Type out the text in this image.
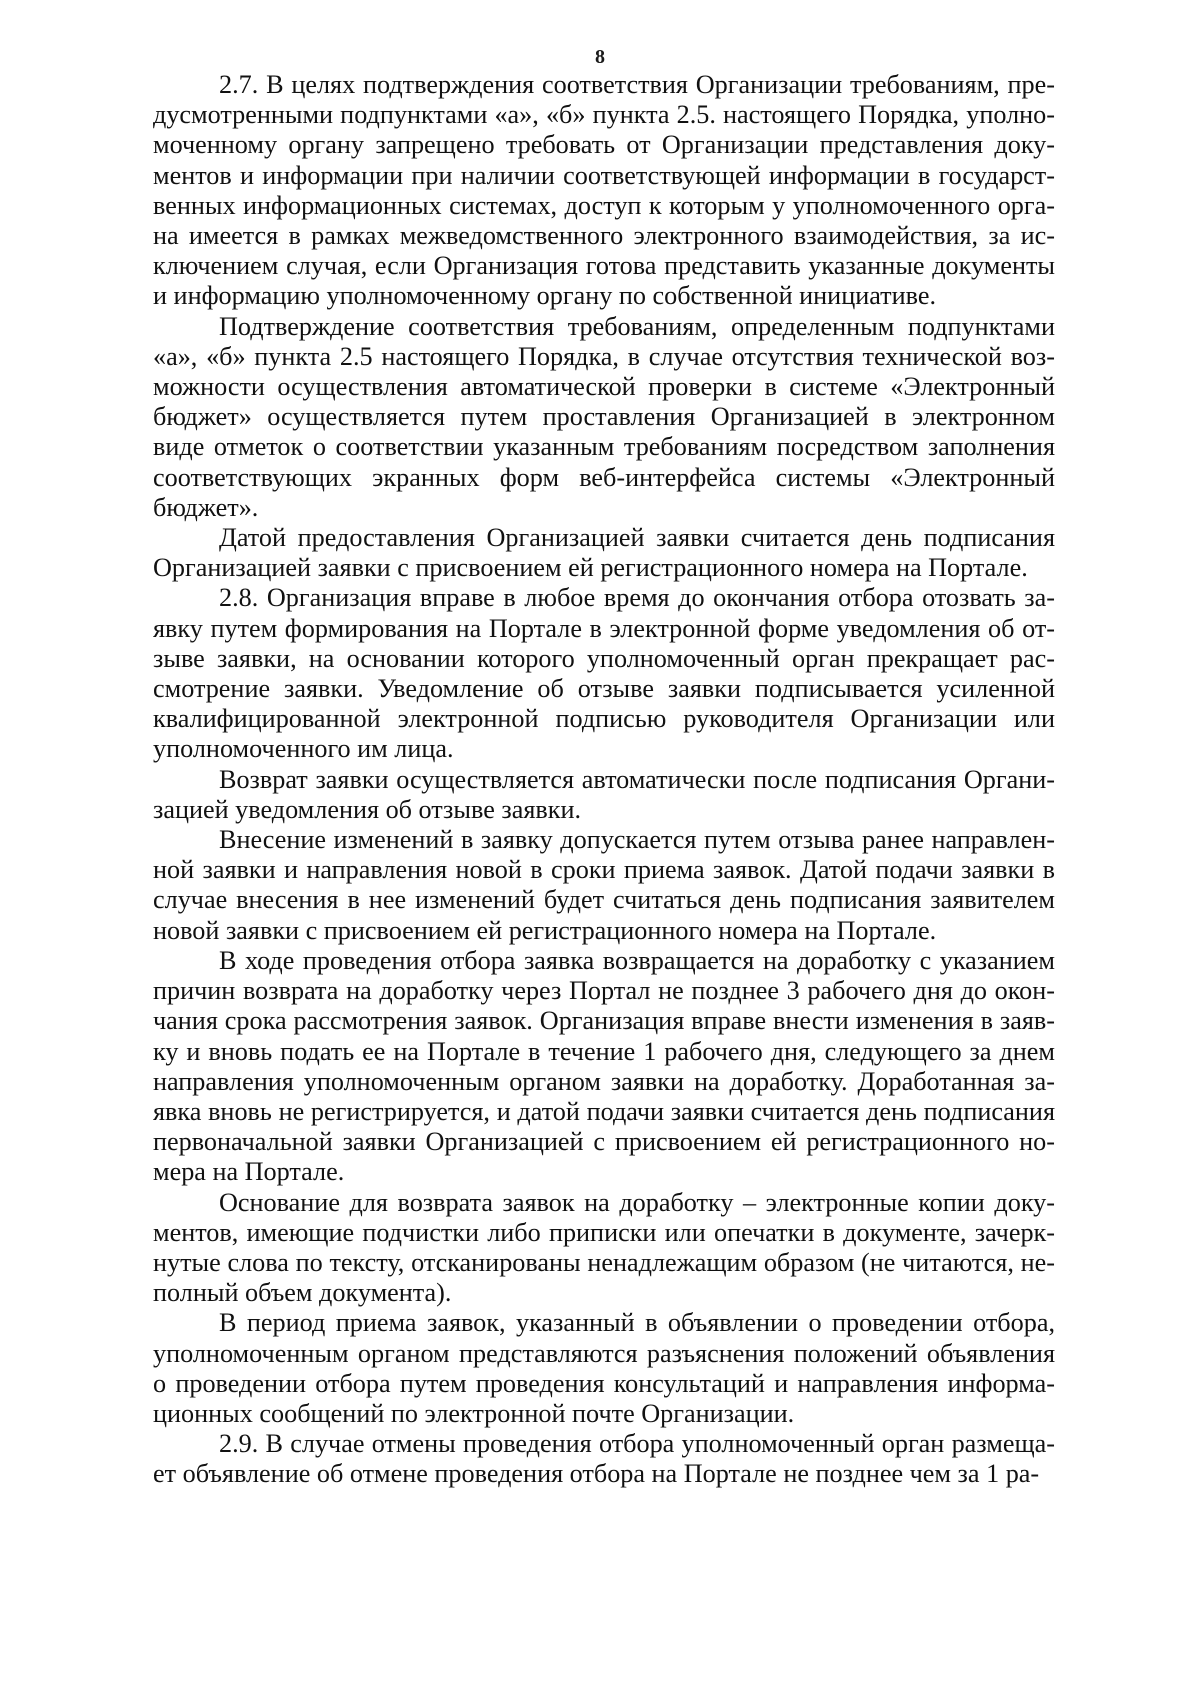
8

2.7. В целях подтверждения соответствия Организации требованиям, предусмотренными подпунктами «а», «б» пункта 2.5. настоящего Порядка, уполномоченному органу запрещено требовать от Организации представления документов и информации при наличии соответствующей информации в государственных информационных системах, доступ к которым у уполномоченного органа имеется в рамках межведомственного электронного взаимодействия, за исключением случая, если Организация готова представить указанные документы и информацию уполномоченному органу по собственной инициативе.

Подтверждение соответствия требованиям, определенным подпунктами «а», «б» пункта 2.5 настоящего Порядка, в случае отсутствия технической возможности осуществления автоматической проверки в системе «Электронный бюджет» осуществляется путем проставления Организацией в электронном виде отметок о соответствии указанным требованиям посредством заполнения соответствующих экранных форм веб-интерфейса системы «Электронный бюджет».

Датой предоставления Организацией заявки считается день подписания Организацией заявки с присвоением ей регистрационного номера на Портале.

2.8. Организация вправе в любое время до окончания отбора отозвать заявку путем формирования на Портале в электронной форме уведомления об отзыве заявки, на основании которого уполномоченный орган прекращает рассмотрение заявки. Уведомление об отзыве заявки подписывается усиленной квалифицированной электронной подписью руководителя Организации или уполномоченного им лица.

Возврат заявки осуществляется автоматически после подписания Организацией уведомления об отзыве заявки.

Внесение изменений в заявку допускается путем отзыва ранее направленной заявки и направления новой в сроки приема заявок. Датой подачи заявки в случае внесения в нее изменений будет считаться день подписания заявителем новой заявки с присвоением ей регистрационного номера на Портале.

В ходе проведения отбора заявка возвращается на доработку с указанием причин возврата на доработку через Портал не позднее 3 рабочего дня до окончания срока рассмотрения заявок. Организация вправе внести изменения в заявку и вновь подать ее на Портале в течение 1 рабочего дня, следующего за днем направления уполномоченным органом заявки на доработку. Доработанная заявка вновь не регистрируется, и датой подачи заявки считается день подписания первоначальной заявки Организацией с присвоением ей регистрационного номера на Портале.

Основание для возврата заявок на доработку – электронные копии документов, имеющие подчистки либо приписки или опечатки в документе, зачеркнутые слова по тексту, отсканированы ненадлежащим образом (не читаются, неполный объем документа).

В период приема заявок, указанный в объявлении о проведении отбора, уполномоченным органом представляются разъяснения положений объявления о проведении отбора путем проведения консультаций и направления информационных сообщений по электронной почте Организации.

2.9. В случае отмены проведения отбора уполномоченный орган размещает объявление об отмене проведения отбора на Портале не позднее чем за 1 ра-
